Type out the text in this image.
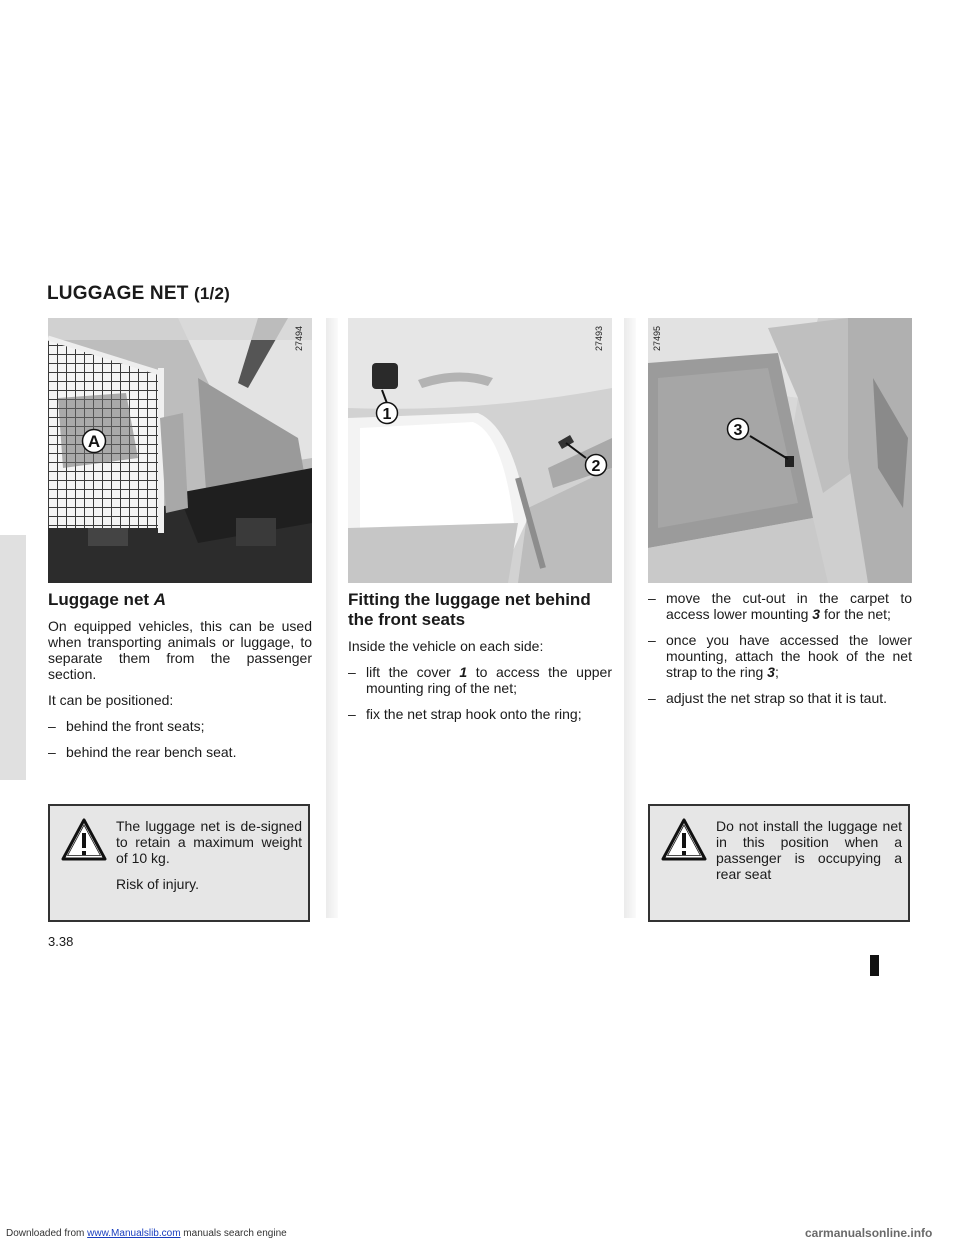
LUGGAGE NET (1/2)
27494
A
27493
1
2
27495
3
Luggage net A

On equipped vehicles, this can be used when transporting animals or luggage, to separate them from the passenger section.

It can be positioned:

– behind the front seats;

– behind the rear bench seat.

The luggage net is de-signed to retain a maximum weight of 10 kg.

Risk of injury.

Fitting the luggage net behind the front seats

Inside the vehicle on each side:

– lift the cover 1 to access the upper mounting ring of the net;

– fix the net strap hook onto the ring;

– move the cut-out in the carpet to access lower mounting 3 for the net;

– once you have accessed the lower mounting, attach the hook of the net strap to the ring 3;

– adjust the net strap so that it is taut.

Do not install the luggage net in this position when a passenger is occupying a rear seat

3.38
Downloaded from www.Manualslib.com manuals search engine	carmanualsonline.info
